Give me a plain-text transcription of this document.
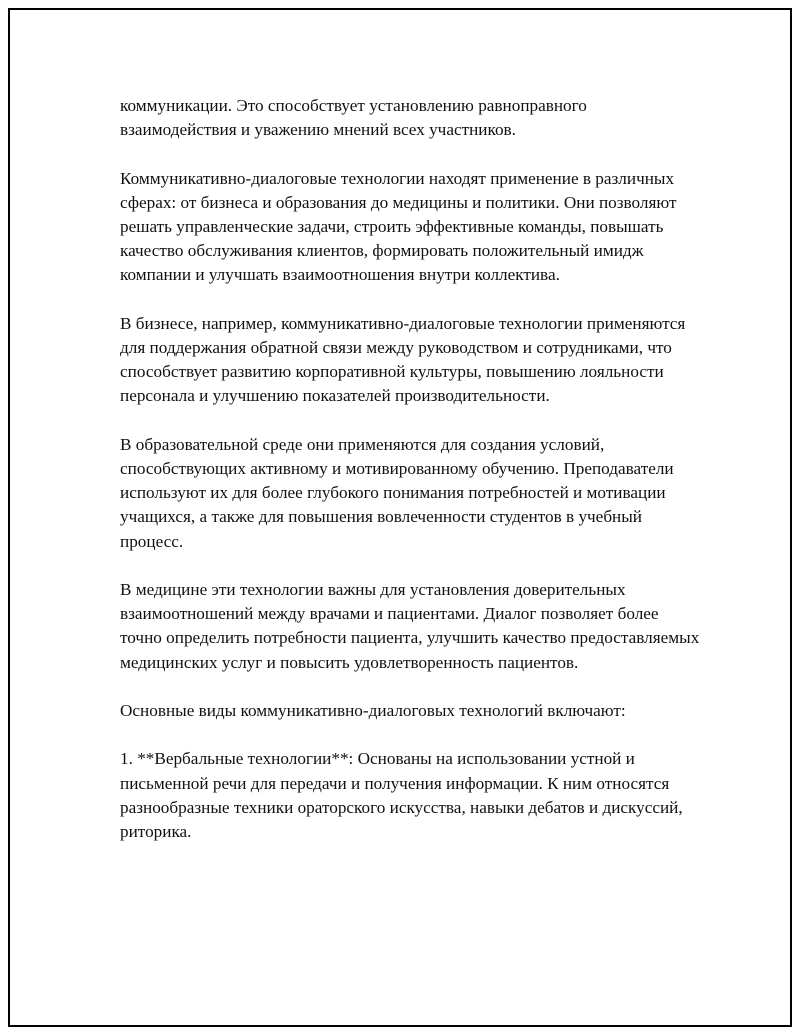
коммуникации. Это способствует установлению равноправного взаимодействия и уважению мнений всех участников.

Коммуникативно-диалоговые технологии находят применение в различных сферах: от бизнеса и образования до медицины и политики. Они позволяют решать управленческие задачи, строить эффективные команды, повышать качество обслуживания клиентов, формировать положительный имидж компании и улучшать взаимоотношения внутри коллектива.

В бизнесе, например, коммуникативно-диалоговые технологии применяются для поддержания обратной связи между руководством и сотрудниками, что способствует развитию корпоративной культуры, повышению лояльности персонала и улучшению показателей производительности.

В образовательной среде они применяются для создания условий, способствующих активному и мотивированному обучению. Преподаватели используют их для более глубокого понимания потребностей и мотивации учащихся, а также для повышения вовлеченности студентов в учебный процесс.

В медицине эти технологии важны для установления доверительных взаимоотношений между врачами и пациентами. Диалог позволяет более точно определить потребности пациента, улучшить качество предоставляемых медицинских услуг и повысить удовлетворенность пациентов.

Основные виды коммуникативно-диалоговых технологий включают:

1. **Вербальные технологии**: Основаны на использовании устной и письменной речи для передачи и получения информации. К ним относятся разнообразные техники ораторского искусства, навыки дебатов и дискуссий, риторика.
